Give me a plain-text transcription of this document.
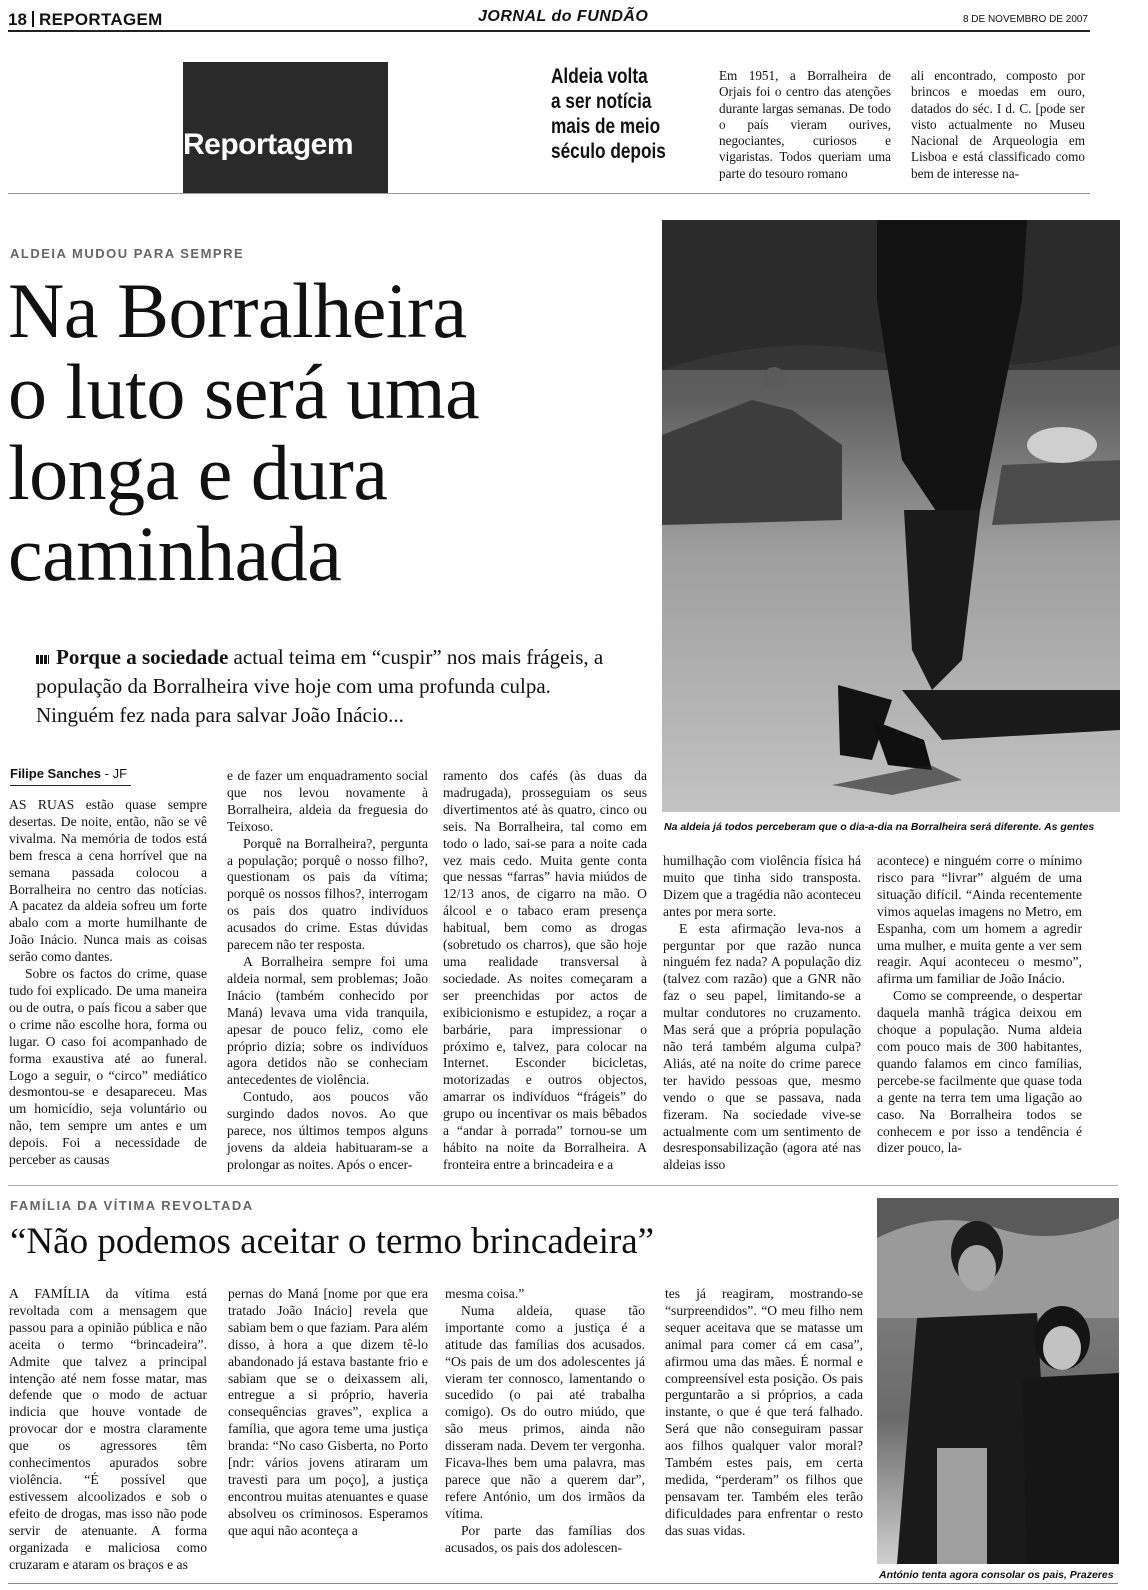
18 REPORTAGEM	JORNAL do FUNDÃO	8 DE NOVEMBRO DE 2007
Reportagem
Aldeia volta
a ser notícia
mais de meio
século depois
Em 1951, a Borralheira de Orjais foi o centro das atenções durante largas semanas. De todo o país vieram ourives, negociantes, curiosos e vigaristas. Todos queriam uma parte do tesouro romano
ali encontrado, composto por brincos e moedas em ouro, datados do séc. I d. C. [pode ser visto actualmente no Museu Nacional de Arqueologia em Lisboa e está classificado como bem de interesse na-
ALDEIA MUDOU PARA SEMPRE
Na Borralheira
o luto será uma
longa e dura
caminhada
Porque a sociedade actual teima em “cuspir” nos mais frágeis, a população da Borralheira vive hoje com uma profunda culpa. Ninguém fez nada para salvar João Inácio...
Na aldeia já todos perceberam que o dia-a-dia na Borralheira será diferente. As gentes
Filipe Sanches - JF

AS RUAS estão quase sempre desertas. De noite, então, não se vê vivalma. Na memória de todos está bem fresca a cena horrível que na semana passada colocou a Borralheira no centro das notícias. A pacatez da aldeia sofreu um forte abalo com a morte humilhante de João Inácio. Nunca mais as coisas serão como dantes.

Sobre os factos do crime, quase tudo foi explicado. De uma maneira ou de outra, o país ficou a saber que o crime não escolhe hora, forma ou lugar. O caso foi acompanhado de forma exaustiva até ao funeral. Logo a seguir, o “circo” mediático desmontou-se e desapareceu. Mas um homicídio, seja voluntário ou não, tem sempre um antes e um depois. Foi a necessidade de perceber as causas

e de fazer um enquadramento social que nos levou novamente à Borralheira, aldeia da freguesia do Teixoso.

Porquê na Borralheira?, pergunta a população; porquê o nosso filho?, questionam os pais da vítima; porquê os nossos filhos?, interrogam os pais dos quatro indivíduos acusados do crime. Estas dúvidas parecem não ter resposta.

A Borralheira sempre foi uma aldeia normal, sem problemas; João Inácio (também conhecido por Maná) levava uma vida tranquila, apesar de pouco feliz, como ele próprio dizia; sobre os indivíduos agora detidos não se conheciam antecedentes de violência.

Contudo, aos poucos vão surgindo dados novos. Ao que parece, nos últimos tempos alguns jovens da aldeia habituaram-se a prolongar as noites. Após o encer-

ramento dos cafés (às duas da madrugada), prosseguiam os seus divertimentos até às quatro, cinco ou seis. Na Borralheira, tal como em todo o lado, sai-se para a noite cada vez mais cedo. Muita gente conta que nessas “farras” havia miúdos de 12/13 anos, de cigarro na mão. O álcool e o tabaco eram presença habitual, bem como as drogas (sobretudo os charros), que são hoje uma realidade transversal à sociedade. As noites começaram a ser preenchidas por actos de exibicionismo e estupidez, a roçar a barbárie, para impressionar o próximo e, talvez, para colocar na Internet. Esconder bicicletas, motorizadas e outros objectos, amarrar os indivíduos “frágeis” do grupo ou incentivar os mais bêbados a “andar à porrada” tornou-se um hábito na noite da Borralheira. A fronteira entre a brincadeira e a

humilhação com violência física há muito que tinha sido transposta. Dizem que a tragédia não aconteceu antes por mera sorte.

E esta afirmação leva-nos a perguntar por que razão nunca ninguém fez nada? A população diz (talvez com razão) que a GNR não faz o seu papel, limitando-se a multar condutores no cruzamento. Mas será que a própria população não terá também alguma culpa? Aliás, até na noite do crime parece ter havido pessoas que, mesmo vendo o que se passava, nada fizeram. Na sociedade vive-se actualmente com um sentimento de desresponsabilização (agora até nas aldeias isso

acontece) e ninguém corre o mínimo risco para “livrar” alguém de uma situação difícil. “Ainda recentemente vimos aquelas imagens no Metro, em Espanha, com um homem a agredir uma mulher, e muita gente a ver sem reagir. Aqui aconteceu o mesmo”, afirma um familiar de João Inácio.

Como se compreende, o despertar daquela manhã trágica deixou em choque a população. Numa aldeia com pouco mais de 300 habitantes, quando falamos em cinco famílias, percebe-se facilmente que quase toda a gente na terra tem uma ligação ao caso. Na Borralheira todos se conhecem e por isso a tendência é dizer pouco, la-

FAMÍLIA DA VÍTIMA REVOLTADA
“Não podemos aceitar o termo brincadeira”

A FAMÍLIA da vítima está revoltada com a mensagem que passou para a opinião pública e não aceita o termo “brincadeira”. Admite que talvez a principal intenção até nem fosse matar, mas defende que o modo de actuar indicia que houve vontade de provocar dor e mostra claramente que os agressores têm conhecimentos apurados sobre violência. “É possível que estivessem alcoolizados e sob o efeito de drogas, mas isso não pode servir de atenuante. A forma organizada e maliciosa como cruzaram e ataram os braços e as

pernas do Maná [nome por que era tratado João Inácio] revela que sabiam bem o que faziam. Para além disso, à hora a que dizem tê-lo abandonado já estava bastante frio e sabiam que se o deixassem ali, entregue a si próprio, haveria consequências graves”, explica a família, que agora teme uma justiça branda: “No caso Gisberta, no Porto [ndr: vários jovens atiraram um travesti para um poço], a justiça encontrou muitas atenuantes e quase absolveu os criminosos. Esperamos que aqui não aconteça a

mesma coisa.”

Numa aldeia, quase tão importante como a justiça é a atitude das famílias dos acusados. “Os pais de um dos adolescentes já vieram ter connosco, lamentando o sucedido (o pai até trabalha comigo). Os do outro miúdo, que são meus primos, ainda não disseram nada. Devem ter vergonha. Ficava-lhes bem uma palavra, mas parece que não a querem dar”, refere António, um dos irmãos da vítima.

Por parte das famílias dos acusados, os pais dos adolescen-

tes já reagiram, mostrando-se “surpreendidos”. “O meu filho nem sequer aceitava que se matasse um animal para comer cá em casa”, afirmou uma das mães. É normal e compreensível esta posição. Os pais perguntarão a si próprios, a cada instante, o que é que terá falhado. Será que não conseguiram passar aos filhos qualquer valor moral? Também estes pais, em certa medida, “perderam” os filhos que pensavam ter. Também eles terão dificuldades para enfrentar o resto das suas vidas.

António tenta agora consolar os pais, Prazeres
